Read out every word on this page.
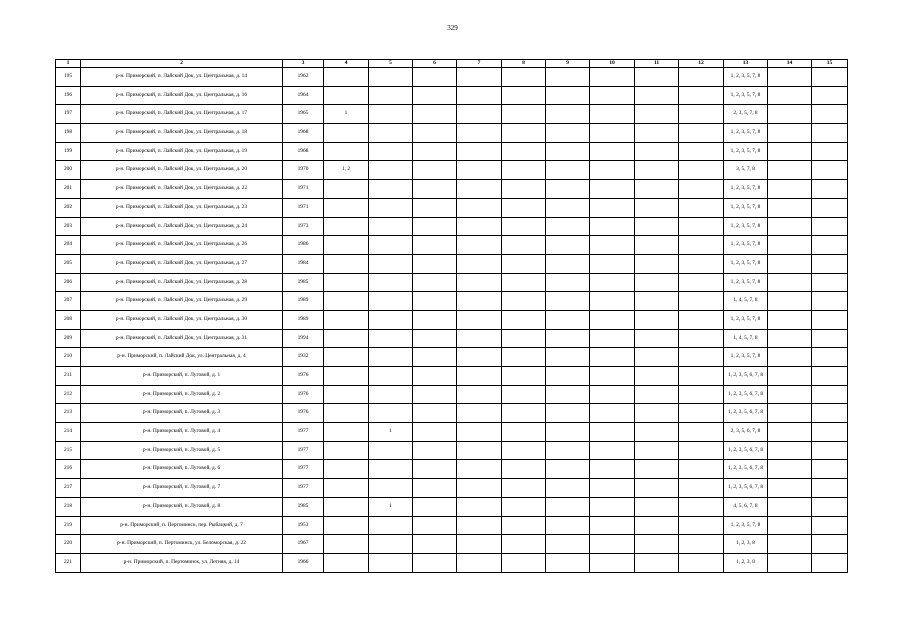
329
1	2	3	4	5	6	7	8	9	10	11	12	13	14	15
195	р-н. Приморский, п. Лайский Док, ул. Центральная, д. 14	1962										1, 2, 3, 5, 7, 8		
196	р-н. Приморский, п. Лайский Док, ул. Центральная, д. 16	1964										1, 2, 3, 5, 7, 8		
197	р-н. Приморский, п. Лайский Док, ул. Центральная, д. 17	1965	1									2, 3, 5, 7, 8		
198	р-н. Приморский, п. Лайский Док, ул. Центральная, д. 18	1968										1, 2, 3, 5, 7, 8		
199	р-н. Приморский, п. Лайский Док, ул. Центральная, д. 19	1968										1, 2, 3, 5, 7, 8		
200	р-н. Приморский, п. Лайский Док, ул. Центральная, д. 20	1970	1, 2									3, 5, 7, 8		
201	р-н. Приморский, п. Лайский Док, ул. Центральная, д. 22	1971										1, 2, 3, 5, 7, 8		
202	р-н. Приморский, п. Лайский Док, ул. Центральная, д. 23	1971										1, 2, 3, 5, 7, 8		
203	р-н. Приморский, п. Лайский Док, ул. Центральная, д. 24	1973										1, 2, 3, 5, 7, 8		
204	р-н. Приморский, п. Лайский Док, ул. Центральная, д. 26	1986										1, 2, 3, 5, 7, 8		
205	р-н. Приморский, п. Лайский Док, ул. Центральная, д. 27	1984										1, 2, 3, 5, 7, 8		
206	р-н. Приморский, п. Лайский Док, ул. Центральная, д. 28	1985										1, 2, 3, 5, 7, 8		
207	р-н. Приморский, п. Лайский Док, ул. Центральная, д. 29	1989										1, 4, 5, 7, 8		
208	р-н. Приморский, п. Лайский Док, ул. Центральная, д. 30	1989										1, 2, 3, 5, 7, 8		
209	р-н. Приморский, п. Лайский Док, ул. Центральная, д. 31	1994										1, 4, 5, 7, 8		
210	р-н. Приморский, п. Лайский Док, ул. Центральная, д. 4	1932										1, 2, 3, 5, 7, 8		
211	р-н. Приморский, п. Луговой, д. 1	1976										1, 2, 3, 5, 6, 7, 8		
212	р-н. Приморский, п. Луговой, д. 2	1976										1, 2, 3, 5, 6, 7, 8		
213	р-н. Приморский, п. Луговой, д. 3	1976										1, 2, 3, 5, 6, 7, 8		
214	р-н. Приморский, п. Луговой, д. 4	1977		1								2, 3, 5, 6, 7, 8		
215	р-н. Приморский, п. Луговой, д. 5	1977										1, 2, 3, 5, 6, 7, 8		
216	р-н. Приморский, п. Луговой, д. 6	1977										1, 2, 3, 5, 6, 7, 8		
217	р-н. Приморский, п. Луговой, д. 7	1977										1, 2, 3, 5, 6, 7, 8		
218	р-н. Приморский, п. Луговой, д. 8	1985		1								4, 5, 6, 7, 8		
219	р-н. Приморский, п. Пертоминск, пер. Рыбацкий, д. 7	1953										1, 2, 3, 5, 7, 8		
220	р-н. Приморский, п. Пертоминск, ул. Беломорская, д. 22	1967										1, 2, 3, 8		
221	р-н. Приморский, п. Пертоминск, ул. Летняя, д. 14	1966										1, 2, 3, 8		
